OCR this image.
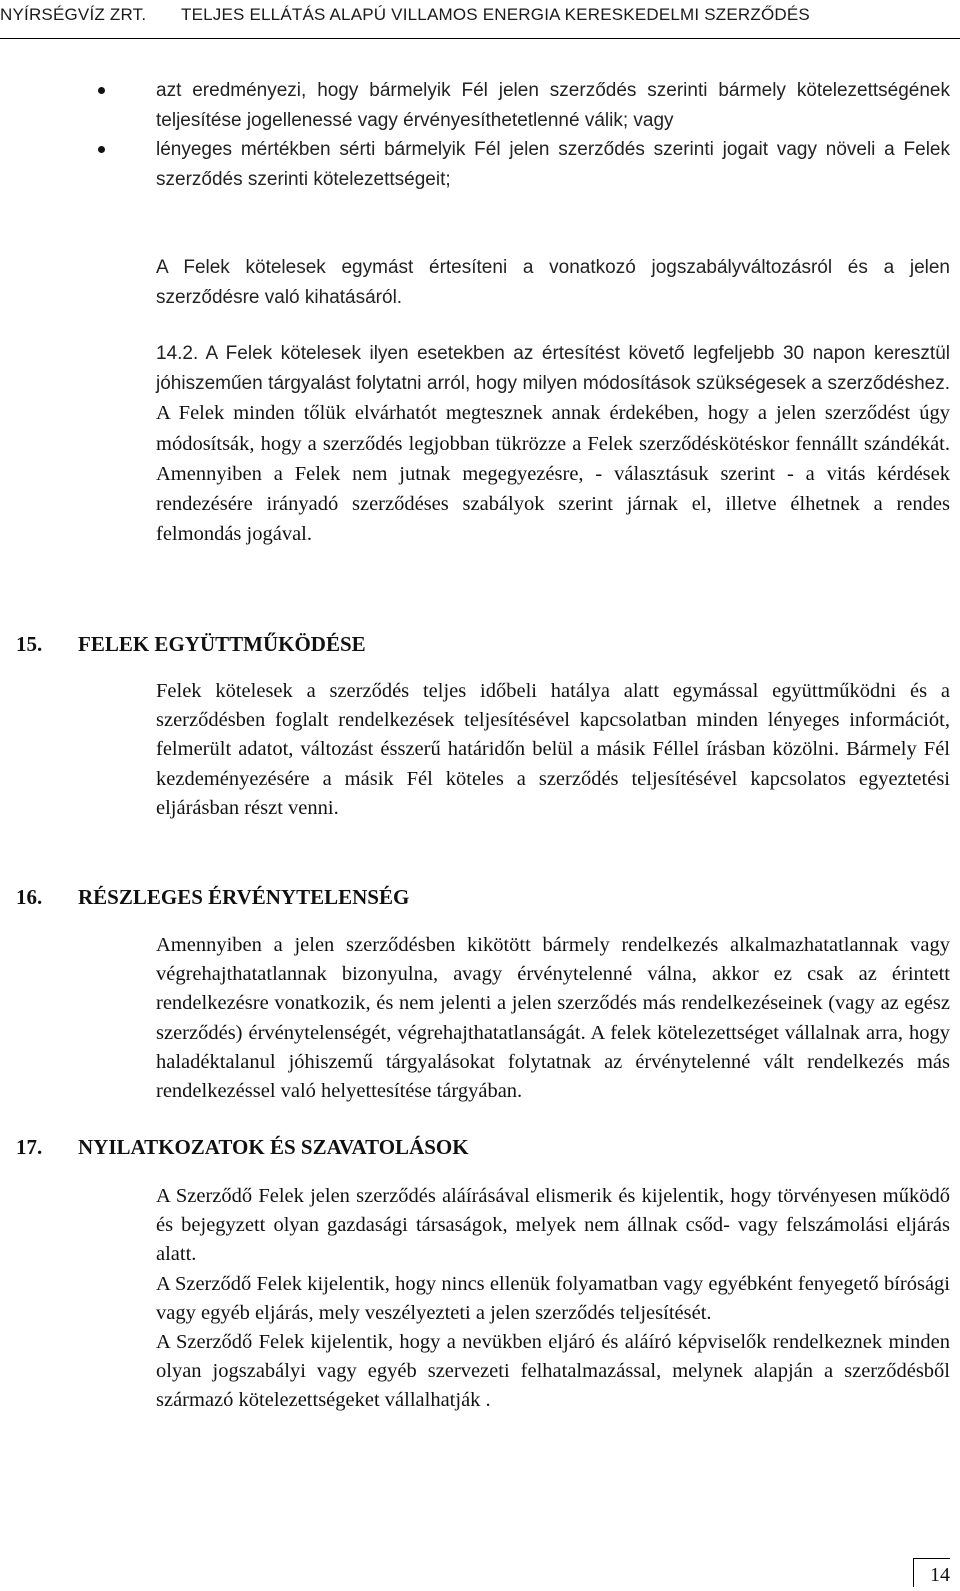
NYÍRSÉGVÍZ ZRT. TELJES ELLÁTÁS ALAPÚ VILLAMOS ENERGIA KERESKEDELMI SZERZŐDÉS
azt eredményezi, hogy bármelyik Fél jelen szerződés szerinti bármely kötelezettségének teljesítése jogellenessé vagy érvényesíthetetlenné válik; vagy
lényeges mértékben sérti bármelyik Fél jelen szerződés szerinti jogait vagy növeli a Felek szerződés szerinti kötelezettségeit;
A Felek kötelesek egymást értesíteni a vonatkozó jogszabályváltozásról és a jelen szerződésre való kihatásáról.
14.2. A Felek kötelesek ilyen esetekben az értesítést követő legfeljebb 30 napon keresztül jóhiszeműen tárgyalást folytatni arról, hogy milyen módosítások szükségesek a szerződéshez. A Felek minden tőlük elvárhatót megtesznek annak érdekében, hogy a jelen szerződést úgy módosítsák, hogy a szerződés legjobban tükrözze a Felek szerződéskötéskor fennállt szándékát. Amennyiben a Felek nem jutnak megegyezésre, - választásuk szerint - a vitás kérdések rendezésére irányadó szerződéses szabályok szerint járnak el, illetve élhetnek a rendes felmondás jogával.
15. FELEK EGYÜTTMŰKÖDÉSE

Felek kötelesek a szerződés teljes időbeli hatálya alatt egymással együttműködni és a szerződésben foglalt rendelkezések teljesítésével kapcsolatban minden lényeges információt, felmerült adatot, változást ésszerű határidőn belül a másik Féllel írásban közölni. Bármely Fél kezdeményezésére a másik Fél köteles a szerződés teljesítésével kapcsolatos egyeztetési eljárásban részt venni.

16. RÉSZLEGES ÉRVÉNYTELENSÉG

Amennyiben a jelen szerződésben kikötött bármely rendelkezés alkalmazhatatlannak vagy végrehajthatatlannak bizonyulna, avagy érvénytelenné válna, akkor ez csak az érintett rendelkezésre vonatkozik, és nem jelenti a jelen szerződés más rendelkezéseinek (vagy az egész szerződés) érvénytelenségét, végrehajthatatlanságát. A felek kötelezettséget vállalnak arra, hogy haladéktalanul jóhiszemű tárgyalásokat folytatnak az érvénytelenné vált rendelkezés más rendelkezéssel való helyettesítése tárgyában.

17. NYILATKOZATOK ÉS SZAVATOLÁSOK

A Szerződő Felek jelen szerződés aláírásával elismerik és kijelentik, hogy törvényesen működő és bejegyzett olyan gazdasági társaságok, melyek nem állnak csőd- vagy felszámolási eljárás alatt.

A Szerződő Felek kijelentik, hogy nincs ellenük folyamatban vagy egyébként fenyegető bírósági vagy egyéb eljárás, mely veszélyezteti a jelen szerződés teljesítését.

A Szerződő Felek kijelentik, hogy a nevükben eljáró és aláíró képviselők rendelkeznek minden olyan jogszabályi vagy egyéb szervezeti felhatalmazással, melynek alapján a szerződésből származó kötelezettségeket vállalhatják .

14
